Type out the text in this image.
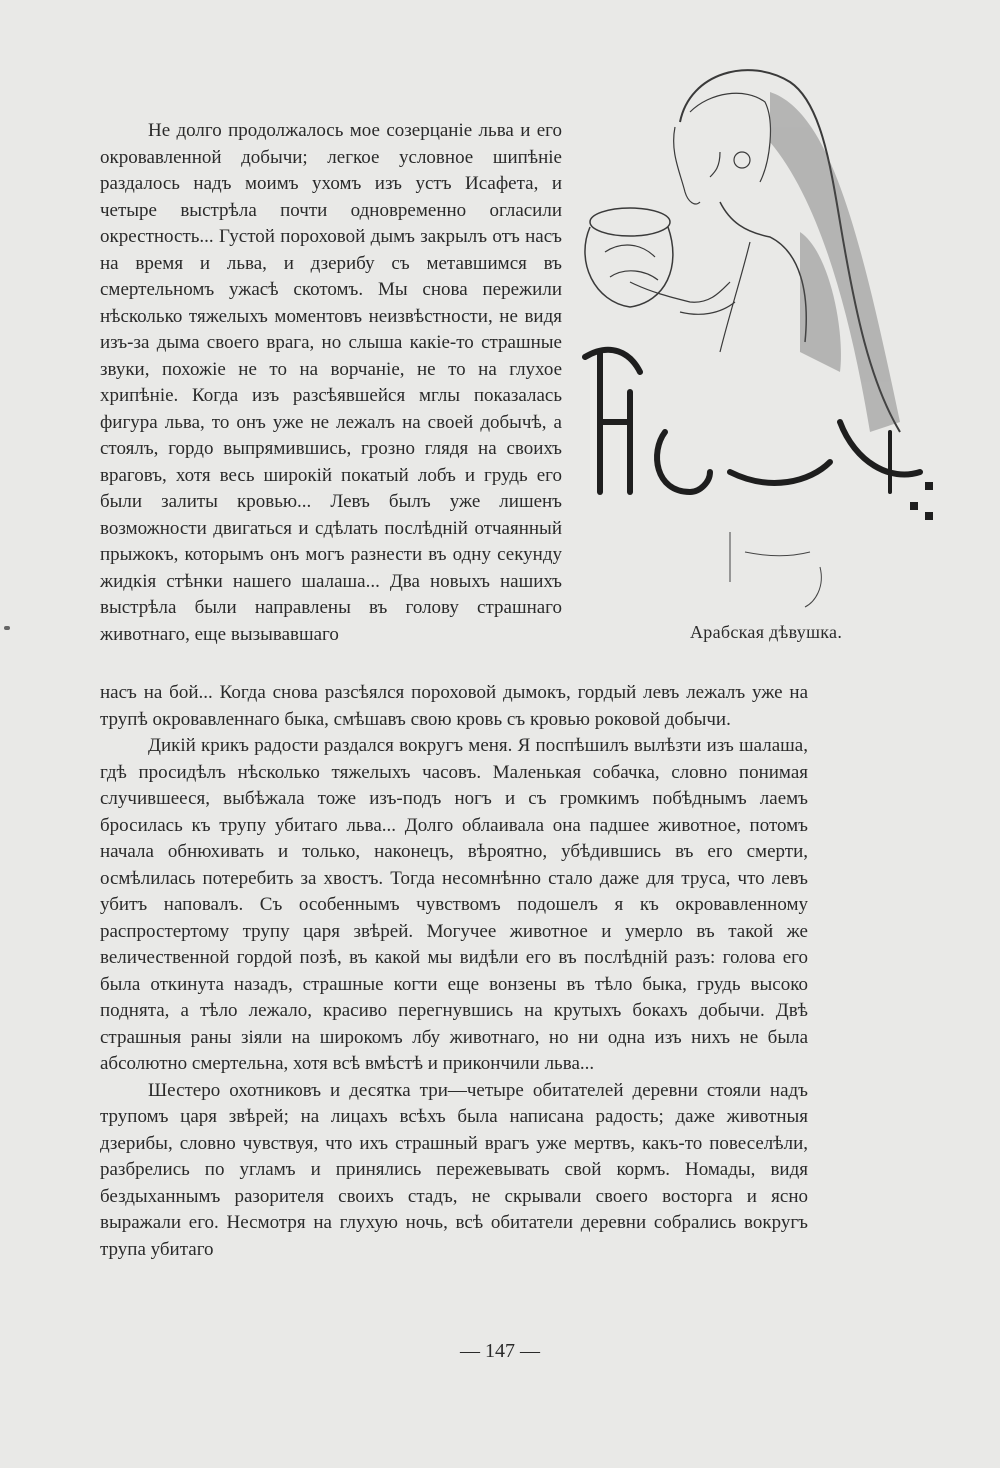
Не долго продолжалось мое созерцаніе льва и его окровавленной добычи; легкое условное шипѣніе раздалось надъ моимъ ухомъ изъ устъ Исафета, и четыре выстрѣла почти одновременно огласили окрестность... Густой пороховой дымъ закрылъ отъ насъ на время и льва, и дзерибу съ метавшимся въ смертельномъ ужасѣ скотомъ. Мы снова пережили нѣсколько тяжелыхъ моментовъ неизвѣстности, не видя изъ-за дыма своего врага, но слыша какіе-то страшные звуки, похожіе не то на ворчаніе, не то на глухое хрипѣніе. Когда изъ разсѣявшейся мглы показалась фигура льва, то онъ уже не лежалъ на своей добычѣ, а стоялъ, гордо выпрямившись, грозно глядя на своихъ враговъ, хотя весь широкій покатый лобъ и грудь его были залиты кровью... Левъ былъ уже лишенъ возможности двигаться и сдѣлать послѣдній отчаянный прыжокъ, которымъ онъ могъ разнести въ одну секунду жидкія стѣнки нашего шалаша... Два новыхъ нашихъ выстрѣла были направлены въ голову страшнаго животнаго, еще вызывавшаго	Арабская дѣвушка.

насъ на бой... Когда снова разсѣялся пороховой дымокъ, гордый левъ лежалъ уже на трупѣ окровавленнаго быка, смѣшавъ свою кровь съ кровью роковой добычи.

Дикій крикъ радости раздался вокругъ меня. Я поспѣшилъ вылѣзти изъ шалаша, гдѣ просидѣлъ нѣсколько тяжелыхъ часовъ. Маленькая собачка, словно понимая случившееся, выбѣжала тоже изъ-подъ ногъ и съ громкимъ побѣднымъ лаемъ бросилась къ трупу убитаго льва... Долго облаивала она падшее животное, потомъ начала обнюхивать и только, наконецъ, вѣроятно, убѣдившись въ его смерти, осмѣлилась потеребить за хвостъ. Тогда несомнѣнно стало даже для труса, что левъ убитъ наповалъ. Съ особеннымъ чувствомъ подошелъ я къ окровавленному распростертому трупу царя звѣрей. Могучее животное и умерло въ такой же величественной гордой позѣ, въ какой мы видѣли его въ послѣдній разъ: голова его была откинута назадъ, страшные когти еще вонзены въ тѣло быка, грудь высоко поднята, а тѣло лежало, красиво перегнувшись на крутыхъ бокахъ добычи. Двѣ страшныя раны зіяли на широкомъ лбу животнаго, но ни одна изъ нихъ не была абсолютно смертельна, хотя всѣ вмѣстѣ и прикончили льва...

Шестеро охотниковъ и десятка три—четыре обитателей деревни стояли надъ трупомъ царя звѣрей; на лицахъ всѣхъ была написана радость; даже животныя дзерибы, словно чувствуя, что ихъ страшный врагъ уже мертвъ, какъ-то повеселѣли, разбрелись по угламъ и принялись пережевывать свой кормъ. Номады, видя бездыханнымъ разорителя своихъ стадъ, не скрывали своего восторга и ясно выражали его. Несмотря на глухую ночь, всѣ обитатели деревни собрались вокругъ трупа убитаго

— 147 —
